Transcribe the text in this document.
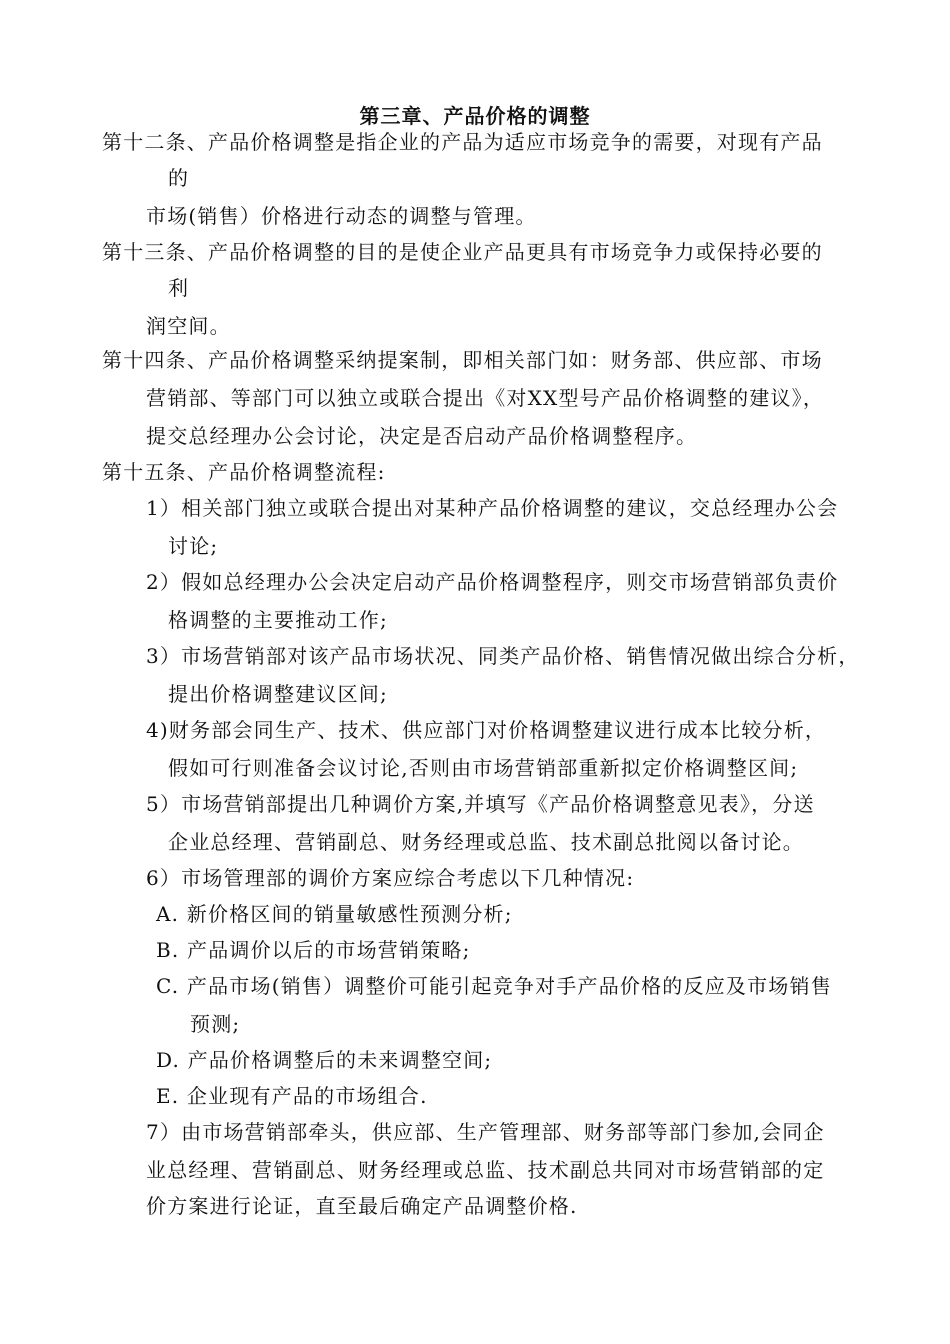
第三章、产品价格的调整
第十二条、产品价格调整是指企业的产品为适应市场竞争的需要，对现有产品
的
市场(销售）价格进行动态的调整与管理。
第十三条、产品价格调整的目的是使企业产品更具有市场竞争力或保持必要的
利
润空间。
第十四条、产品价格调整采纳提案制，即相关部门如：财务部、供应部、市场
营销部、等部门可以独立或联合提出《对XX型号产品价格调整的建议》，
提交总经理办公会讨论，决定是否启动产品价格调整程序。
第十五条、产品价格调整流程:
1）相关部门独立或联合提出对某种产品价格调整的建议，交总经理办公会
讨论;
2）假如总经理办公会决定启动产品价格调整程序，则交市场营销部负责价
格调整的主要推动工作;
3）市场营销部对该产品市场状况、同类产品价格、销售情况做出综合分析，
提出价格调整建议区间;
4)财务部会同生产、技术、供应部门对价格调整建议进行成本比较分析，
假如可行则准备会议讨论,否则由市场营销部重新拟定价格调整区间;
5）市场营销部提出几种调价方案,并填写《产品价格调整意见表》，分送
企业总经理、营销副总、财务经理或总监、技术副总批阅以备讨论。
6）市场管理部的调价方案应综合考虑以下几种情况:
A. 新价格区间的销量敏感性预测分析;
B. 产品调价以后的市场营销策略;
C. 产品市场(销售）调整价可能引起竞争对手产品价格的反应及市场销售
预测;
D. 产品价格调整后的未来调整空间;
E. 企业现有产品的市场组合.
7）由市场营销部牵头，供应部、生产管理部、财务部等部门参加,会同企
业总经理、营销副总、财务经理或总监、技术副总共同对市场营销部的定
价方案进行论证，直至最后确定产品调整价格.
